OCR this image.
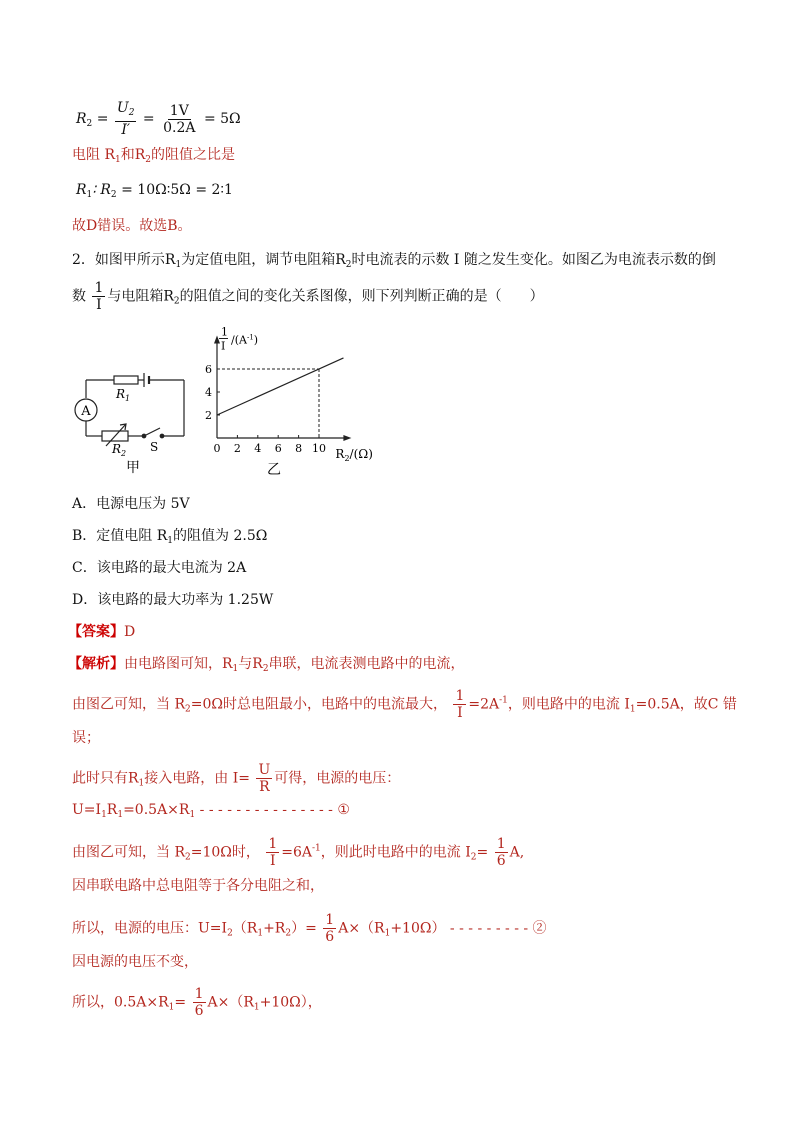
$R_2 = \frac{U_2}{I'} = \frac{1V}{0.2A} = 5\Omega$
电阻 $R_1$和$R_2$的阻值之比是
$R_1∶$ $R_2$ = 10Ω∶5Ω = 2∶1
故D错误。故选B。
2．如图甲所示$R_1$为定值电阻，调节电阻箱$R_2$时电流表的示数 I 随之发生变化。如图乙为电流表示数的倒
数 $\frac{1}{I}$ 与电阻箱$R_2$的阻值之间的变化关系图像，则下列判断正确的是（　　）
A
$R_1$
$R_2$ S
甲
0 2 4 6 8 10
2
4
6
1
I $/(A^{-1})$
$R_2/(\Omega)$
乙
A．电源电压为 5V
B．定值电阻 $R_1$的阻值为 2.5Ω
C．该电路的最大电流为 2A
D．该电路的最大功率为 1.25W
【答案】D
【解析】由电路图可知，$R_1$与$R_2$串联，电流表测电路中的电流，
由图乙可知，当 $R_2=0\Omega$时总电阻最小，电路中的电流最大， $\frac{1}{I} =2A^{-1}$，则电路中的电流 $I_1=0.5A$，故C 错
误；
此时只有$R_1$接入电路，由 $I= \frac{U}{R}$ 可得，电源的电压：
$U=I_1R_1=0.5A\times R_1$ - - - - - - - - - - - - - - - ①
由图乙可知，当 $R_2=10\Omega$时， $\frac{1}{I} =6A^{-1}$，则此时电路中的电流 $I_2= \frac{1}{6} A$,
因串联电路中总电阻等于各分电阻之和，
所以，电源的电压：$U=I_2(R_1+R_2)= \frac{1}{6} A\times(R_1+10\Omega)$ - - - - - - - - - ②
因电源的电压不变，
所以，$0.5A\times R_1= \frac{1}{6} A\times(R_1+10\Omega)$，
